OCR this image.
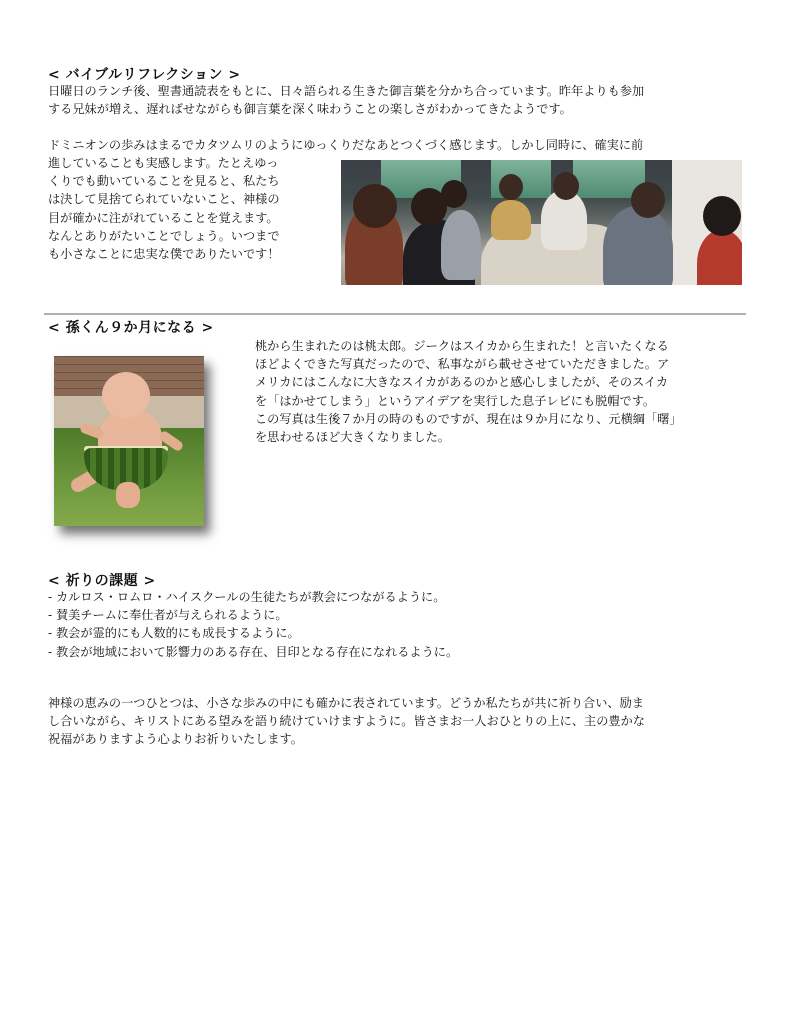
< バイブルリフレクション >
日曜日のランチ後、聖書通読表をもとに、日々語られる生きた御言葉を分かち合っています。昨年よりも参加
する兄妹が増え、遅ればせながらも御言葉を深く味わうことの楽しさがわかってきたようです。
ドミニオンの歩みはまるでカタツムリのようにゆっくりだなあとつくづく感じます。しかし同時に、確実に前
進していることも実感します。たとえゆっ
くりでも動いていることを見ると、私たち
は決して見捨てられていないこと、神様の
目が確かに注がれていることを覚えます。
なんとありがたいことでしょう。いつまで
も小さなことに忠実な僕でありたいです！
< 孫くん９か月になる >
桃から生まれたのは桃太郎。ジークはスイカから生まれた！と言いたくなる
ほどよくできた写真だったので、私事ながら載せさせていただきました。ア
メリカにはこんなに大きなスイカがあるのかと感心しましたが、そのスイカ
を「はかせてしまう」というアイデアを実行した息子レビにも脱帽です。
この写真は生後７か月の時のものですが、現在は９か月になり、元横綱「曙」
を思わせるほど大きくなりました。
< 祈りの課題 >
- カルロス・ロムロ・ハイスクールの生徒たちが教会につながるように。
- 賛美チームに奉仕者が与えられるように。
- 教会が霊的にも人数的にも成長するように。
- 教会が地域において影響力のある存在、目印となる存在になれるように。
神様の恵みの一つひとつは、小さな歩みの中にも確かに表されています。どうか私たちが共に祈り合い、励ま
し合いながら、キリストにある望みを語り続けていけますように。皆さまお一人おひとりの上に、主の豊かな
祝福がありますよう心よりお祈りいたします。
